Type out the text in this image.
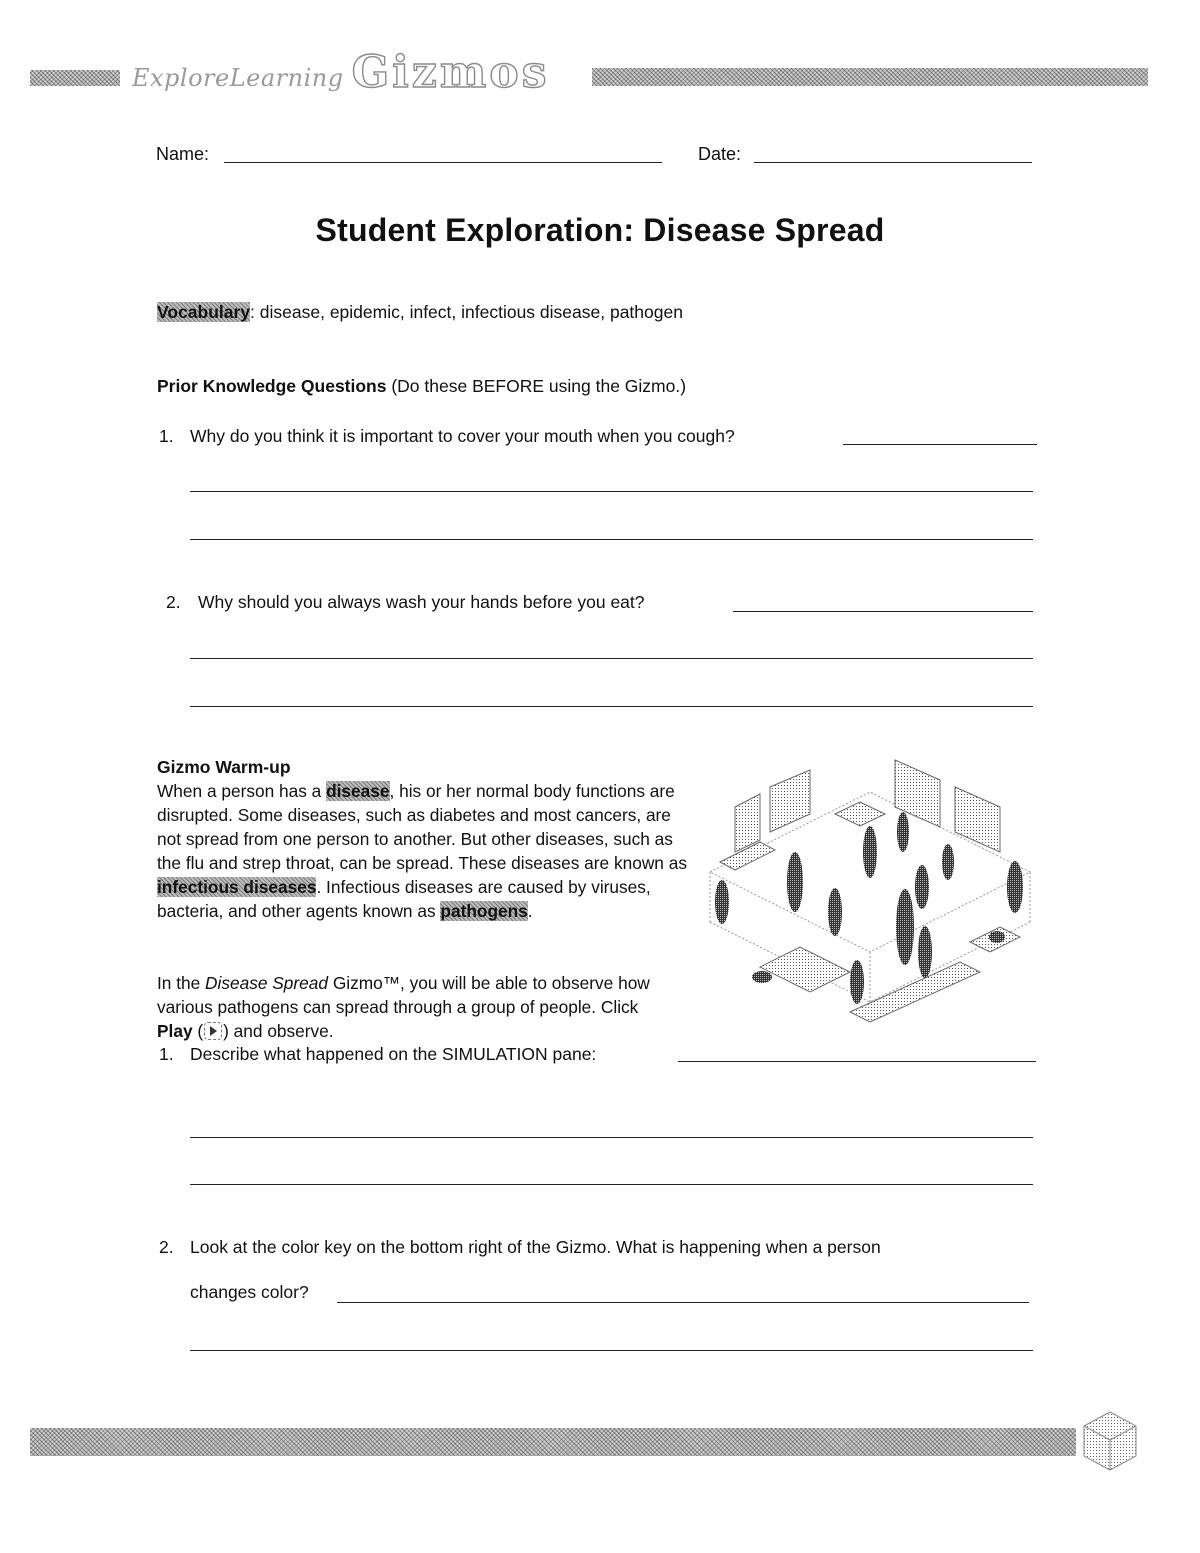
ExploreLearning Gizmos
Name:	Date:
Student Exploration: Disease Spread
Vocabulary: disease, epidemic, infect, infectious disease, pathogen
Prior Knowledge Questions (Do these BEFORE using the Gizmo.)
1. Why do you think it is important to cover your mouth when you cough?
2. Why should you always wash your hands before you eat?
Gizmo Warm-up
When a person has a disease, his or her normal body functions are disrupted. Some diseases, such as diabetes and most cancers, are not spread from one person to another. But other diseases, such as the flu and strep throat, can be spread. These diseases are known as infectious diseases. Infectious diseases are caused by viruses, bacteria, and other agents known as pathogens.
In the Disease Spread Gizmo™, you will be able to observe how various pathogens can spread through a group of people. Click Play ( ) and observe.
1. Describe what happened on the SIMULATION pane:
2. Look at the color key on the bottom right of the Gizmo. What is happening when a person
changes color?
